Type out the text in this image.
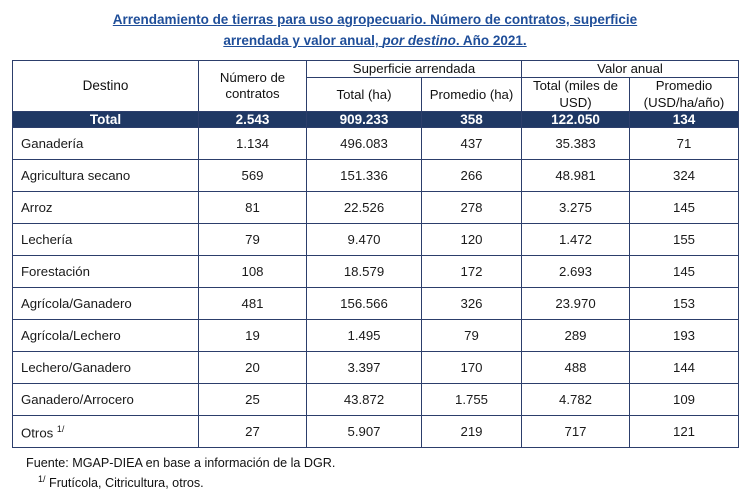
Arrendamiento de tierras para uso agropecuario. Número de contratos, superficie
arrendada y valor anual, por destino. Año 2021.
Destino	Número de contratos	Superficie arrendada		Valor anual	
		Total (ha)	Promedio (ha)	Total (miles de USD)	Promedio (USD/ha/año)
Total	2.543	909.233	358	122.050	134
Ganadería	1.134	496.083	437	35.383	71
Agricultura secano	569	151.336	266	48.981	324
Arroz	81	22.526	278	3.275	145
Lechería	79	9.470	120	1.472	155
Forestación	108	18.579	172	2.693	145
Agrícola/Ganadero	481	156.566	326	23.970	153
Agrícola/Lechero	19	1.495	79	289	193
Lechero/Ganadero	20	3.397	170	488	144
Ganadero/Arrocero	25	43.872	1.755	4.782	109
Otros $^{1/}$	27	5.907	219	717	121
Fuente: MGAP-DIEA en base a información de la DGR.
$^{1/}$ Frutícola, Citricultura, otros.
